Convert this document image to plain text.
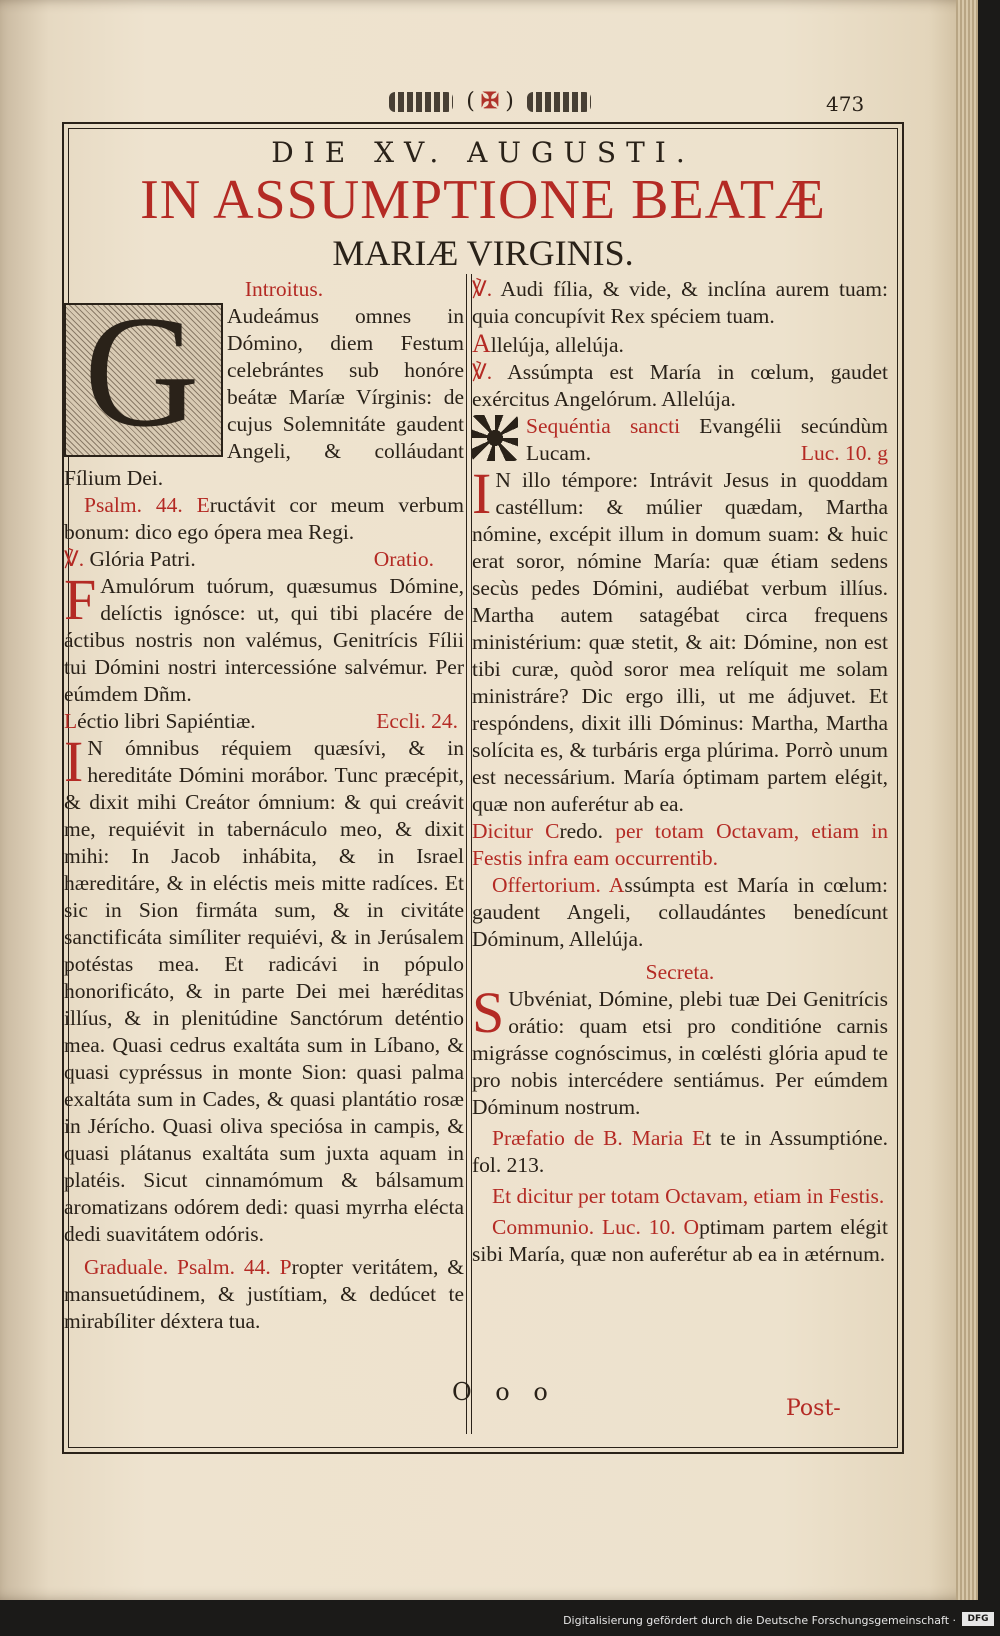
( ✠ )	473
DIE XV. AUGUSTI.
IN ASSUMPTIONE BEATÆ
MARIÆ VIRGINIS.

Introitus.

G Audeámus omnes in Dómino, diem Festum celebrántes sub honóre beátæ Maríæ Vírginis: de cujus Solemnitáte gaudent Angeli, & colláudant Fílium Dei.

Psalm. 44. Eructávit cor meum verbum bonum: dico ego ópera mea Regi.

℣. Glória Patri.	Oratio.

F Amulórum tuórum, quæsumus Dómine, delíctis ignósce: ut, qui tibi placére de áctibus nostris non valémus, Genitrícis Fílii tui Dómini nostri intercessióne salvémur. Per eúmdem Dñm.

Léctio libri Sapiéntiæ.	Eccli. 24.

I N ómnibus réquiem quæsívi, & in hereditáte Dómini morábor. Tunc præcépit, & dixit mihi Creátor ómnium: & qui creávit me, requiévit in tabernáculo meo, & dixit mihi: In Jacob inhábita, & in Israel hæreditáre, & in eléctis meis mitte radíces. Et sic in Sion firmáta sum, & in civitáte sanctificáta simíliter requiévi, & in Jerúsalem potéstas mea. Et radicávi in pópulo honorificáto, & in parte Dei mei hæréditas illíus, & in plenitúdine Sanctórum deténtio mea. Quasi cedrus exaltáta sum in Líbano, & quasi cypréssus in monte Sion: quasi palma exaltáta sum in Cades, & quasi plantátio rosæ in Jérícho. Quasi oliva speciósa in campis, & quasi plátanus exaltáta sum juxta aquam in platéis. Sicut cinnamómum & bálsamum aromatizans odórem dedi: quasi myrrha elécta dedi suavitátem odóris.

Graduale. Psalm. 44. Propter veritátem, & mansuetúdinem, & justítiam, & dedúcet te mirabíliter déxtera tua.

℣. Audi fília, & vide, & inclína aurem tuam: quia concupívit Rex spéciem tuam.

Allelúja, allelúja.

℣. Assúmpta est María in cœlum, gaudet exércitus Angelórum. Allelúja.

Sequéntia sancti Evangélii secúndùm Lucam.	Luc. 10. g

I N illo témpore: Intrávit Jesus in quoddam castéllum: & múlier quædam, Martha nómine, excépit illum in domum suam: & huic erat soror, nómine María: quæ étiam sedens secùs pedes Dómini, audiébat verbum illíus. Martha autem satagébat circa frequens ministérium: quæ stetit, & ait: Dómine, non est tibi curæ, quòd soror mea relíquit me solam ministráre? Dic ergo illi, ut me ádjuvet. Et respóndens, dixit illi Dóminus: Martha, Martha solícita es, & turbáris erga plúrima. Porrò unum est necessárium. María óptimam partem elégit, quæ non auferétur ab ea.

Dicitur Credo. per totam Octavam, etiam in Festis infra eam occurrentib.

Offertorium. Assúmpta est María in cœlum: gaudent Angeli, collaudántes benedícunt Dóminum, Allelúja.

Secreta.

S Ubvéniat, Dómine, plebi tuæ Dei Genitrícis orátio: quam etsi pro conditióne carnis migrásse cognóscimus, in cœlésti glória apud te pro nobis intercédere sentiámus. Per eúmdem Dóminum nostrum.

Præfatio de B. Maria Et te in Assumptióne. fol. 213.

Et dicitur per totam Octavam, etiam in Festis.

Communio. Luc. 10. Optimam partem elégit sibi María, quæ non auferétur ab ea in ætérnum.

O o o
Post-
Digitalisierung gefördert durch die Deutsche Forschungsgemeinschaft ·	DFG
